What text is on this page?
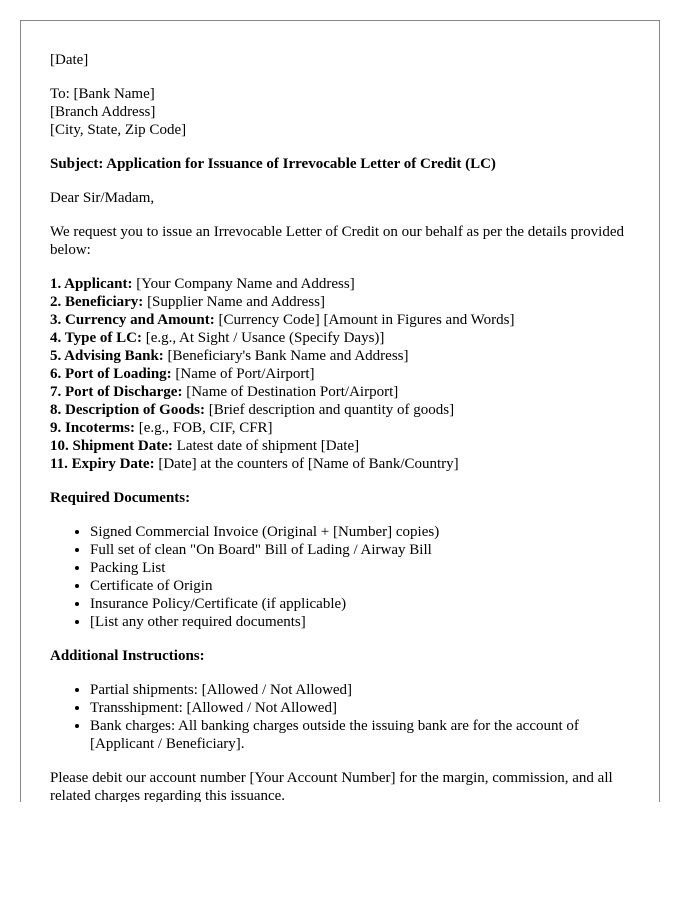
[Date]

To: [Bank Name]

[Branch Address]

[City, State, Zip Code]

Subject: Application for Issuance of Irrevocable Letter of Credit (LC)

Dear Sir/Madam,

We request you to issue an Irrevocable Letter of Credit on our behalf as per the details provided below:

1. Applicant: [Your Company Name and Address]
2. Beneficiary: [Supplier Name and Address]
3. Currency and Amount: [Currency Code] [Amount in Figures and Words]
4. Type of LC: [e.g., At Sight / Usance (Specify Days)]
5. Advising Bank: [Beneficiary's Bank Name and Address]
6. Port of Loading: [Name of Port/Airport]
7. Port of Discharge: [Name of Destination Port/Airport]
8. Description of Goods: [Brief description and quantity of goods]
9. Incoterms: [e.g., FOB, CIF, CFR]
10. Shipment Date: Latest date of shipment [Date]
11. Expiry Date: [Date] at the counters of [Name of Bank/Country]

Required Documents:

• Signed Commercial Invoice (Original + [Number] copies)
• Full set of clean "On Board" Bill of Lading / Airway Bill
• Packing List
• Certificate of Origin
• Insurance Policy/Certificate (if applicable)
• [List any other required documents]

Additional Instructions:

• Partial shipments: [Allowed / Not Allowed]
• Transshipment: [Allowed / Not Allowed]
• Bank charges: All banking charges outside the issuing bank are for the account of [Applicant / Beneficiary].

Please debit our account number [Your Account Number] for the margin, commission, and all related charges regarding this issuance.
